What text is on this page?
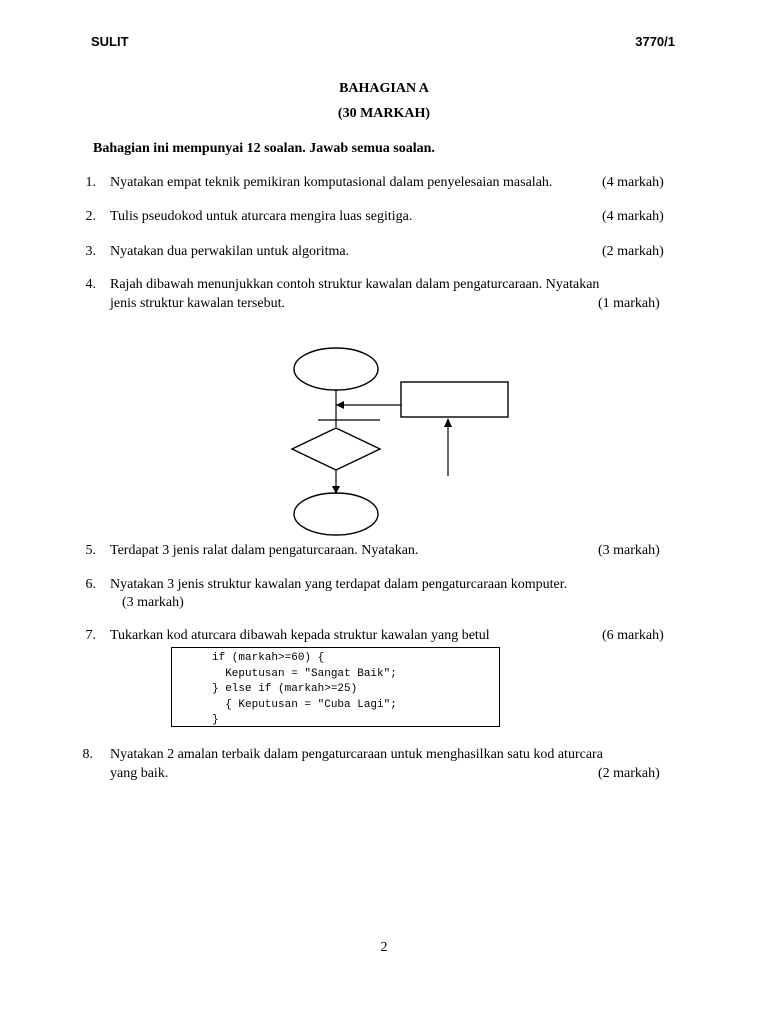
SULIT	3770/1
BAHAGIAN A
(30 MARKAH)
Bahagian ini mempunyai 12 soalan. Jawab semua soalan.
1. Nyatakan empat teknik pemikiran komputasional dalam penyelesaian masalah.	(4 markah)
2. Tulis pseudokod untuk aturcara mengira luas segitiga.	(4 markah)
3. Nyatakan dua perwakilan untuk algoritma.	(2 markah)
4. Rajah dibawah menunjukkan contoh struktur kawalan dalam pengaturcaraan. Nyatakan
jenis struktur kawalan tersebut.	(1 markah)
5. Terdapat 3 jenis ralat dalam pengaturcaraan. Nyatakan.	(3 markah)
6. Nyatakan 3 jenis struktur kawalan yang terdapat dalam pengaturcaraan komputer.
(3 markah)
7. Tukarkan kod aturcara dibawah kepada struktur kawalan yang betul	(6 markah)
if (markah>=60) {
Keputusan = "Sangat Baik";
} else if (markah>=25)
{ Keputusan = "Cuba Lagi";
}
8. Nyatakan 2 amalan terbaik dalam pengaturcaraan untuk menghasilkan satu kod aturcara
yang baik.	(2 markah)
2
